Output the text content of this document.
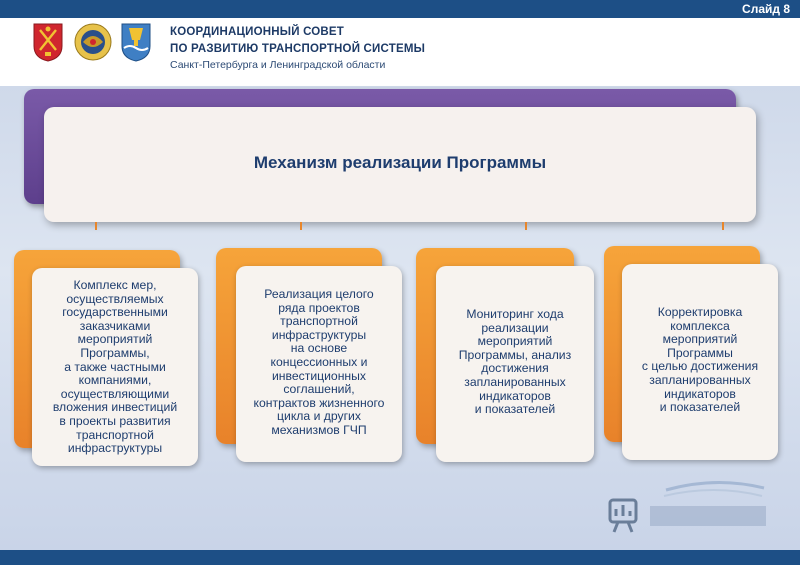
Слайд 8
КООРДИНАЦИОННЫЙ СОВЕТ
ПО РАЗВИТИЮ ТРАНСПОРТНОЙ СИСТЕМЫ
Санкт-Петербурга и Ленинградской области
Механизм реализации Программы
Комплекс мер,
осуществляемых
государственными
заказчиками
мероприятий
Программы,
а также частными
компаниями,
осуществляющими
вложения инвестиций
в проекты развития
транспортной
инфраструктуры
Реализация целого
ряда проектов
транспортной
инфраструктуры
на основе
концессионных и
инвестиционных
соглашений,
контрактов жизненного
цикла и других
механизмов ГЧП
Мониторинг хода
реализации
мероприятий
Программы, анализ
достижения
запланированных
индикаторов
и показателей
Корректировка
комплекса
мероприятий
Программы
с целью достижения
запланированных
индикаторов
и показателей
